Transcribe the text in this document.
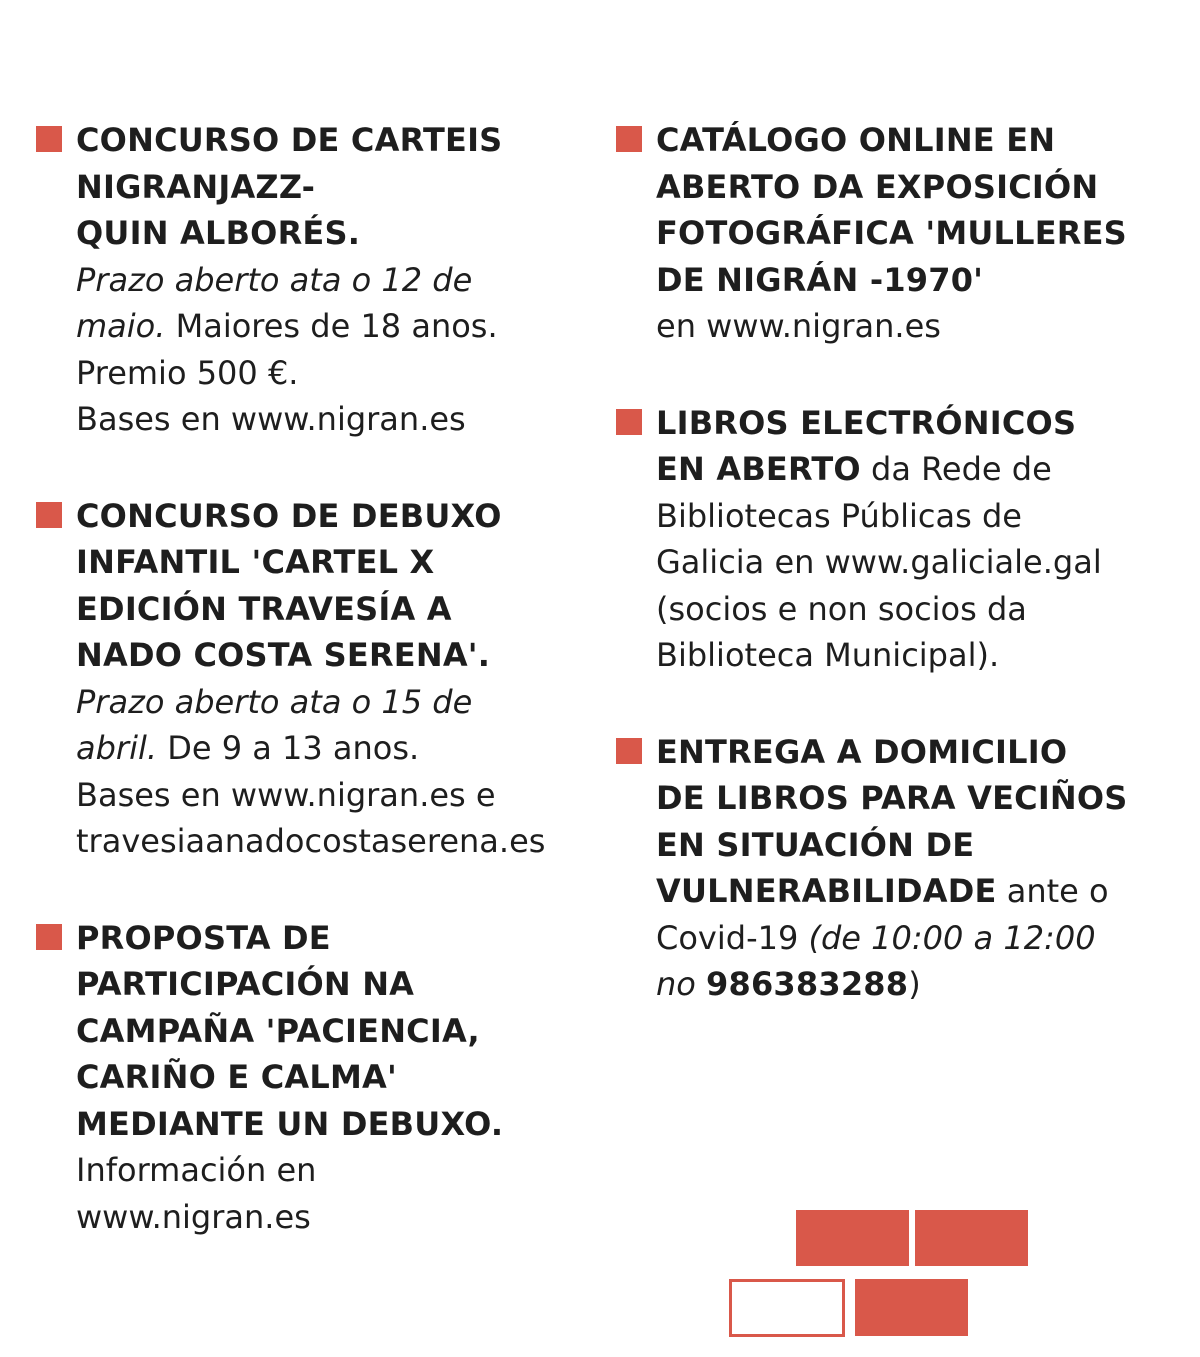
CONCURSO DE CARTEIS
NIGRANJAZZ-
QUIN ALBORÉS.
Prazo aberto ata o 12 de
maio. Maiores de 18 anos.
Premio 500 €.
Bases en www.nigran.es
CONCURSO DE DEBUXO
INFANTIL 'CARTEL X
EDICIÓN TRAVESÍA A
NADO COSTA SERENA'.
Prazo aberto ata o 15 de
abril. De 9 a 13 anos.
Bases en www.nigran.es e
travesiaanadocostaserena.es
PROPOSTA DE
PARTICIPACIÓN NA
CAMPAÑA 'PACIENCIA,
CARIÑO E CALMA'
MEDIANTE UN DEBUXO.
Información en
www.nigran.es
CATÁLOGO ONLINE EN
ABERTO DA EXPOSICIÓN
FOTOGRÁFICA 'MULLERES
DE NIGRÁN -1970'
en www.nigran.es
LIBROS ELECTRÓNICOS
EN ABERTO da Rede de
Bibliotecas Públicas de
Galicia en www.galiciale.gal
(socios e non socios da
Biblioteca Municipal).
ENTREGA A DOMICILIO
DE LIBROS PARA VECIÑOS
EN SITUACIÓN DE
VULNERABILIDADE ante o
Covid-19 (de 10:00 a 12:00
no 986383288)
